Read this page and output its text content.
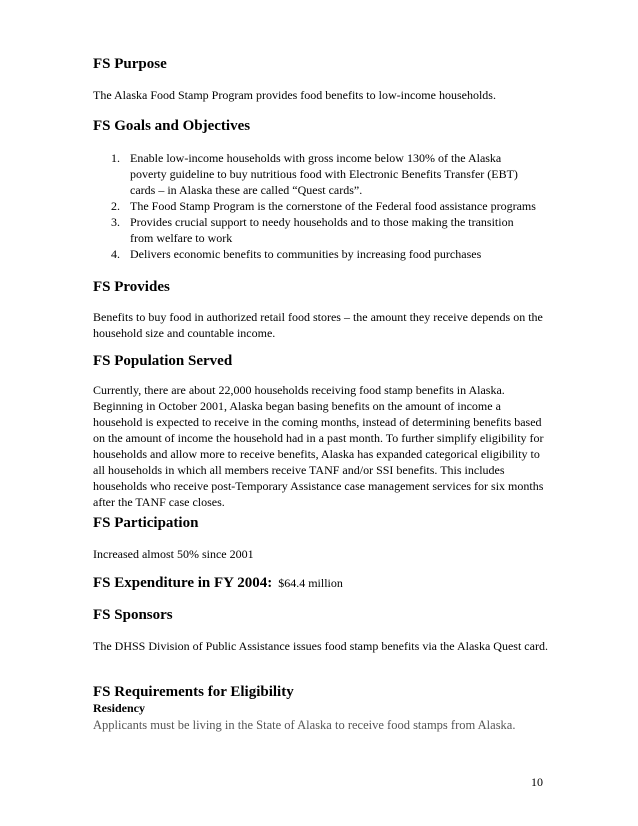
FS Purpose
The Alaska Food Stamp Program provides food benefits to low-income households.
FS Goals and Objectives
1. Enable low-income households with gross income below 130% of the Alaska poverty guideline to buy nutritious food with Electronic Benefits Transfer (EBT) cards – in Alaska these are called “Quest cards”.
2. The Food Stamp Program is the cornerstone of the Federal food assistance programs
3. Provides crucial support to needy households and to those making the transition from welfare to work
4. Delivers economic benefits to communities by increasing food purchases
FS Provides
Benefits to buy food in authorized retail food stores – the amount they receive depends on the household size and countable income.
FS Population Served
Currently, there are about 22,000 households receiving food stamp benefits in Alaska. Beginning in October 2001, Alaska began basing benefits on the amount of income a household is expected to receive in the coming months, instead of determining benefits based on the amount of income the household had in a past month. To further simplify eligibility for households and allow more to receive benefits, Alaska has expanded categorical eligibility to all households in which all members receive TANF and/or SSI benefits. This includes households who receive post-Temporary Assistance case management services for six months after the TANF case closes.
FS Participation
Increased almost 50% since 2001
FS Expenditure in FY 2004: $64.4 million
FS Sponsors
The DHSS Division of Public Assistance issues food stamp benefits via the Alaska Quest card.
FS Requirements for Eligibility
Residency
Applicants must be living in the State of Alaska to receive food stamps from Alaska.
10
